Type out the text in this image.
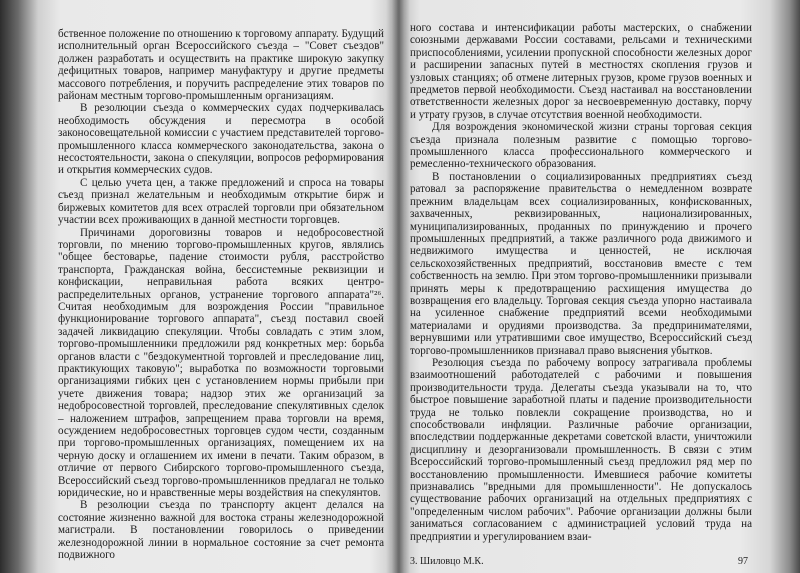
бственное положение по отношению к торговому аппарату. Будущий исполнительный орган Всероссийского съезда – "Совет съездов" должен разработать и осуществить на практике широкую закупку дефицитных товаров, например мануфактуру и другие предметы массового потребления, и поручить распределение этих товаров по районам местным торгово-промышленным организациям.

В резолюции съезда о коммерческих судах подчеркивалась необходимость обсуждения и пересмотра в особой законосовещательной комиссии с участием представителей торгово-промышленного класса коммерческого законодательства, закона о несостоятельности, закона о спекуляции, вопросов реформирования и открытия коммерческих судов.

С целью учета цен, а также предложений и спроса на товары съезд признал желательным и необходимым открытие бирж и биржевых комитетов для всех отраслей торговли при обязательном участии всех проживающих в данной местности торговцев.

Причинами дороговизны товаров и недобросовестной торговли, по мнению торгово-промышленных кругов, являлись "общее бестоварье, падение стоимости рубля, расстройство транспорта, Гражданская война, бессистемные реквизиции и конфискации, неправильная работа всяких центро-распределительных органов, устранение торгового аппарата"²⁶. Считая необходимым для возрождения России "правильное функционирование торгового аппарата", съезд поставил своей задачей ликвидацию спекуляции. Чтобы совладать с этим злом, торгово-промышленники предложили ряд конкретных мер: борьба органов власти с "бездокументной торговлей и преследование лиц, практикующих таковую"; выработка по возможности торговыми организациями гибких цен с установлением нормы прибыли при учете движения товара; надзор этих же организаций за недобросовестной торговлей, преследование спекулятивных сделок – наложением штрафов, запрещением права торговли на время, осуждением недобросовестных торговцев судом чести, созданным при торгово-промышленных организациях, помещением их на черную доску и оглашением их имени в печати. Таким образом, в отличие от первого Сибирского торгово-промышленного съезда, Всероссийский съезд торгово-промышленников предлагал не только юридические, но и нравственные меры воздействия на спекулянтов.

В резолюции съезда по транспорту акцент делался на состояние жизненно важной для востока страны железнодорожной магистрали. В постановлении говорилось о приведении железнодорожной линии в нормальное состояние за счет ремонта подвижного

ного состава и интенсификации работы мастерских, о снабжении союзными державами России составами, рельсами и техническими приспособлениями, усилении пропускной способности железных дорог и расширении запасных путей в местностях скопления грузов и узловых станциях; об отмене литерных грузов, кроме грузов военных и предметов первой необходимости. Съезд настаивал на восстановлении ответственности железных дорог за несвоевременную доставку, порчу и утрату грузов, в случае отсутствия военной необходимости.

Для возрождения экономической жизни страны торговая секция съезда признала полезным развитие с помощью торгово-промышленного класса профессионального коммерческого и ремесленно-технического образования.

В постановлении о социализированных предприятиях съезд ратовал за распоряжение правительства о немедленном возврате прежним владельцам всех социализированных, конфискованных, захваченных, реквизированных, национализированных, муниципализированных, проданных по принуждению и прочего промышленных предприятий, а также различного рода движимого и недвижимого имущества и ценностей, не исключая сельскохозяйственных предприятий, восстановив вместе с тем собственность на землю. При этом торгово-промышленники призывали принять меры к предотвращению расхищения имущества до возвращения его владельцу. Торговая секция съезда упорно настаивала на усиленное снабжение предприятий всеми необходимыми материалами и орудиями производства. За предпринимателями, вернувшими или утратившими свое имущество, Всероссийский съезд торгово-промышленников признавал право выяснения убытков.

Резолюция съезда по рабочему вопросу затрагивала проблемы взаимоотношений работодателей с рабочими и повышения производительности труда. Делегаты съезда указывали на то, что быстрое повышение заработной платы и падение производительности труда не только повлекли сокращение производства, но и способствовали инфляции. Различные рабочие организации, впоследствии поддержанные декретами советской власти, уничтожили дисциплину и дезорганизовали промышленность. В связи с этим Всероссийский торгово-промышленный съезд предложил ряд мер по восстановлению промышленности. Имевшиеся рабочие комитеты признавались "вредными для промышленности". Не допускалось существование рабочих организаций на отдельных предприятиях с "определенным числом рабочих". Рабочие организации должны были заниматься согласованием с администрацией условий труда на предприятии и урегулированием взаи-

3. Шиловцо М.К.	97
